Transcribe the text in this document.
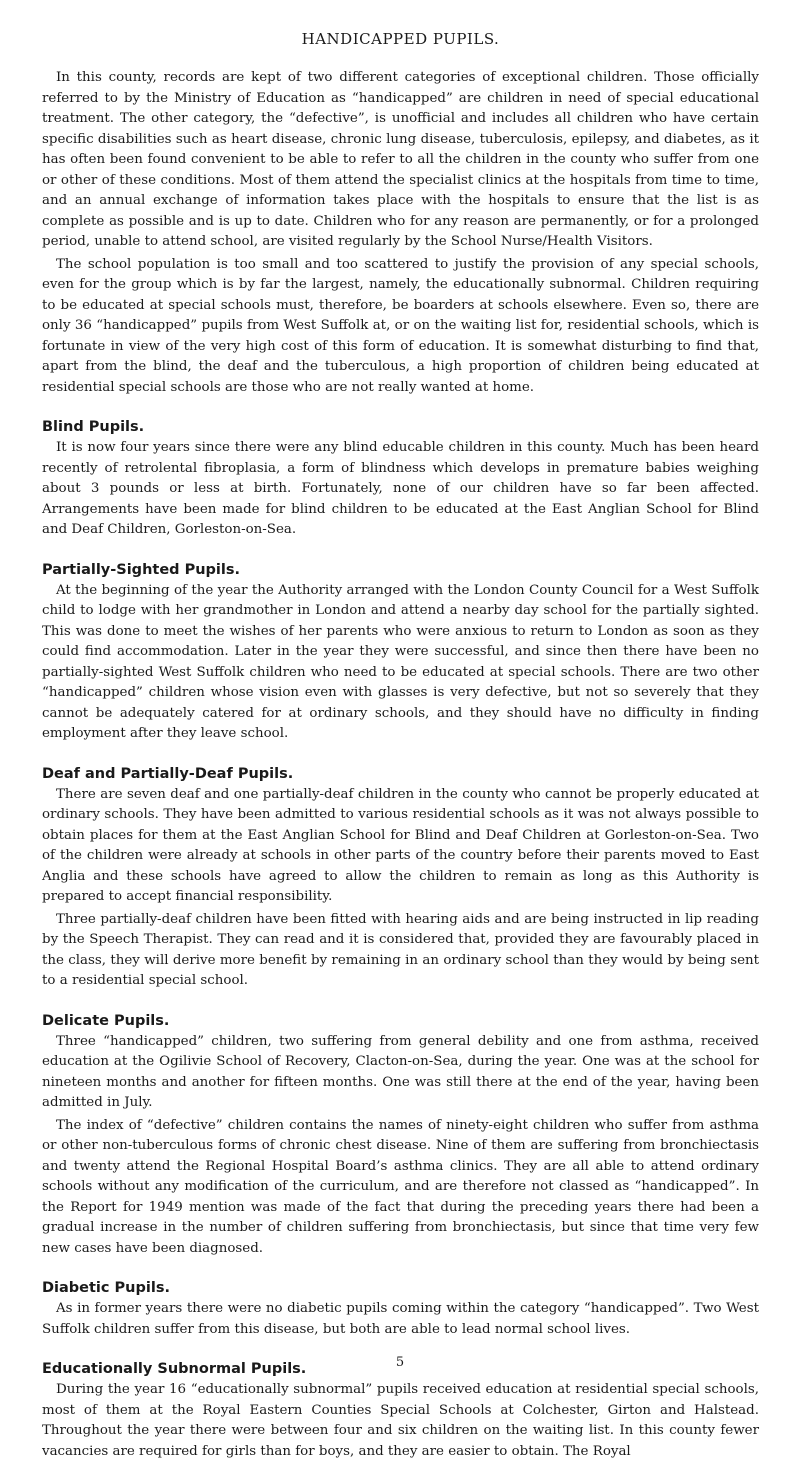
HANDICAPPED PUPILS.

In this county, records are kept of two different categories of exceptional children. Those officially referred to by the Ministry of Education as “handicapped” are children in need of special educational treatment. The other category, the “defective”, is unofficial and includes all children who have certain specific disabilities such as heart disease, chronic lung disease, tuberculosis, epilepsy, and diabetes, as it has often been found convenient to be able to refer to all the children in the county who suffer from one or other of these conditions. Most of them attend the specialist clinics at the hospitals from time to time, and an annual exchange of information takes place with the hospitals to ensure that the list is as complete as possible and is up to date. Children who for any reason are permanently, or for a prolonged period, unable to attend school, are visited regularly by the School Nurse/Health Visitors.

The school population is too small and too scattered to justify the provision of any special schools, even for the group which is by far the largest, namely, the educationally subnormal. Children requiring to be educated at special schools must, therefore, be boarders at schools elsewhere. Even so, there are only 36 “handicapped” pupils from West Suffolk at, or on the waiting list for, residential schools, which is fortunate in view of the very high cost of this form of education. It is somewhat disturbing to find that, apart from the blind, the deaf and the tuberculous, a high proportion of children being educated at residential special schools are those who are not really wanted at home.

Blind Pupils.

It is now four years since there were any blind educable children in this county. Much has been heard recently of retrolental fibroplasia, a form of blindness which develops in premature babies weighing about 3 pounds or less at birth. Fortunately, none of our children have so far been affected. Arrangements have been made for blind children to be educated at the East Anglian School for Blind and Deaf Children, Gorleston-on-Sea.

Partially-Sighted Pupils.

At the beginning of the year the Authority arranged with the London County Council for a West Suffolk child to lodge with her grandmother in London and attend a nearby day school for the partially sighted. This was done to meet the wishes of her parents who were anxious to return to London as soon as they could find accommodation. Later in the year they were successful, and since then there have been no partially-sighted West Suffolk children who need to be educated at special schools. There are two other “handicapped” children whose vision even with glasses is very defective, but not so severely that they cannot be adequately catered for at ordinary schools, and they should have no difficulty in finding employment after they leave school.

Deaf and Partially-Deaf Pupils.

There are seven deaf and one partially-deaf children in the county who cannot be properly educated at ordinary schools. They have been admitted to various residential schools as it was not always possible to obtain places for them at the East Anglian School for Blind and Deaf Children at Gorleston-on-Sea. Two of the children were already at schools in other parts of the country before their parents moved to East Anglia and these schools have agreed to allow the children to remain as long as this Authority is prepared to accept financial responsibility.

Three partially-deaf children have been fitted with hearing aids and are being instructed in lip reading by the Speech Therapist. They can read and it is considered that, provided they are favourably placed in the class, they will derive more benefit by remaining in an ordinary school than they would by being sent to a residential special school.

Delicate Pupils.

Three “handicapped” children, two suffering from general debility and one from asthma, received education at the Ogilivie School of Recovery, Clacton-on-Sea, during the year. One was at the school for nineteen months and another for fifteen months. One was still there at the end of the year, having been admitted in July.

The index of “defective” children contains the names of ninety-eight children who suffer from asthma or other non-tuberculous forms of chronic chest disease. Nine of them are suffering from bronchiectasis and twenty attend the Regional Hospital Board’s asthma clinics. They are all able to attend ordinary schools without any modification of the curriculum, and are therefore not classed as “handicapped”. In the Report for 1949 mention was made of the fact that during the preceding years there had been a gradual increase in the number of children suffering from bronchiectasis, but since that time very few new cases have been diagnosed.

Diabetic Pupils.

As in former years there were no diabetic pupils coming within the category “handicapped”. Two West Suffolk children suffer from this disease, but both are able to lead normal school lives.

Educationally Subnormal Pupils.

During the year 16 “educationally subnormal” pupils received education at residential special schools, most of them at the Royal Eastern Counties Special Schools at Colchester, Girton and Halstead. Throughout the year there were between four and six children on the waiting list. In this county fewer vacancies are required for girls than for boys, and they are easier to obtain. The Royal

5
